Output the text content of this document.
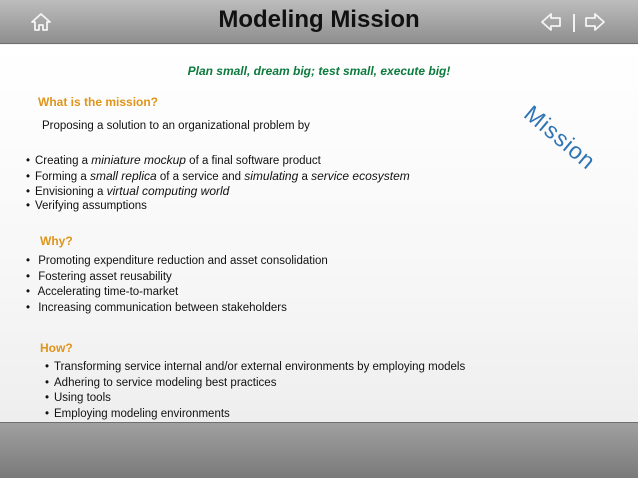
Modeling Mission
Plan small, dream big; test small, execute big!
Mission
What is the mission?
Proposing a solution to an organizational problem by
• Creating a miniature mockup of a final software product
• Forming a small replica of a service and simulating a service ecosystem
• Envisioning a virtual computing world
• Verifying assumptions
Why?
• Promoting expenditure reduction and asset consolidation
• Fostering asset reusability
• Accelerating time-to-market
• Increasing communication between stakeholders
How?
• Transforming service internal and/or external environments by employing models
• Adhering to service modeling best practices
• Using tools
• Employing modeling environments
